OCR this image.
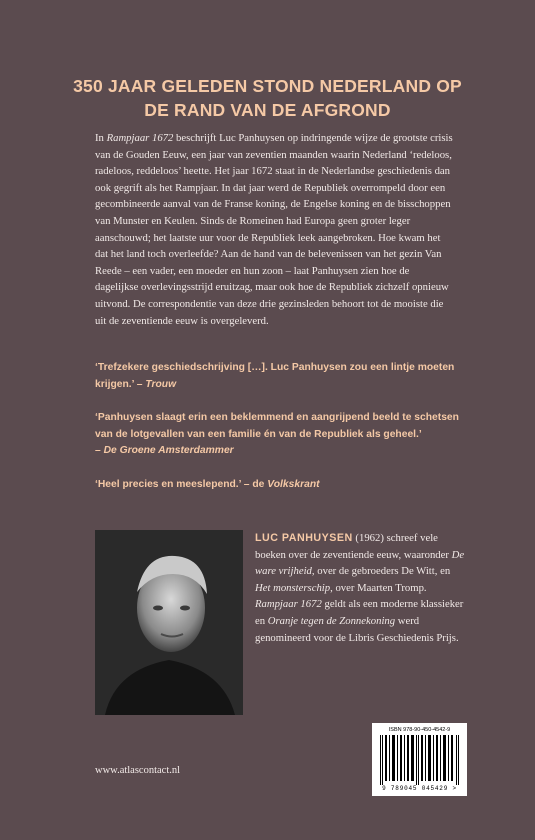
350 JAAR GELEDEN STOND NEDERLAND OP DE RAND VAN DE AFGROND
In Rampjaar 1672 beschrijft Luc Panhuysen op indringende wijze de grootste crisis van de Gouden Eeuw, een jaar van zeventien maanden waarin Nederland ‘redeloos, radeloos, reddeloos’ heette. Het jaar 1672 staat in de Nederlandse geschiedenis dan ook gegrift als het Rampjaar. In dat jaar werd de Republiek overrompeld door een gecombineerde aanval van de Franse koning, de Engelse koning en de bisschoppen van Munster en Keulen. Sinds de Romeinen had Europa geen groter leger aanschouwd; het laatste uur voor de Republiek leek aangebroken. Hoe kwam het dat het land toch overleefde? Aan de hand van de belevenissen van het gezin Van Reede – een vader, een moeder en hun zoon – laat Panhuysen zien hoe de dagelijkse overlevingsstrijd eruitzag, maar ook hoe de Republiek zichzelf opnieuw uitvond. De correspondentie van deze drie gezinsleden behoort tot de mooiste die uit de zeventiende eeuw is overgeleverd.

‘Trefzekere geschiedschrijving […]. Luc Panhuysen zou een lintje moeten krijgen.’ – Trouw

‘Panhuysen slaagt erin een beklemmend en aangrijpend beeld te schetsen van de lotgevallen van een familie én van de Republiek als geheel.’
– De Groene Amsterdammer

‘Heel precies en meeslepend.’ – de Volkskrant

LUC PANHUYSEN (1962) schreef vele boeken over de zeventiende eeuw, waaronder De ware vrijheid, over de gebroeders De Witt, en Het monsterschip, over Maarten Tromp. Rampjaar 1672 geldt als een moderne klassieker en Oranje tegen de Zonnekoning werd genomineerd voor de Libris Geschiedenis Prijs.
ISBN 978-90-450-4542-9
9 789045 045429 >
www.atlascontact.nl
